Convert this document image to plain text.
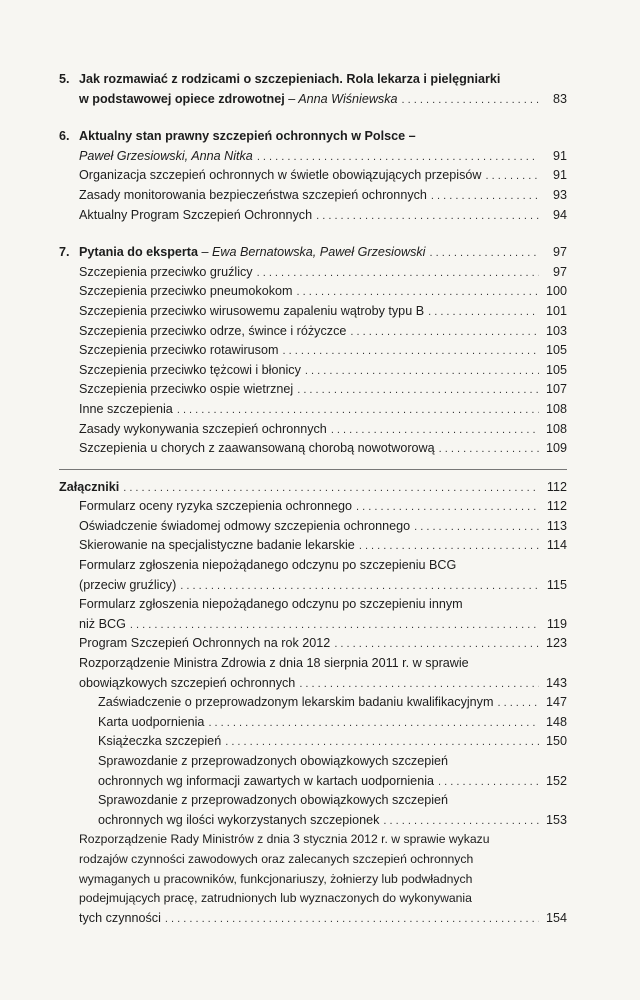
5. Jak rozmawiać z rodzicami o szczepieniach. Rola lekarza i pielęgniarki
w podstawowej opiece zdrowotnej – Anna Wiśniewska . . .	83
6. Aktualny stan prawny szczepień ochronnych w Polsce –
Paweł Grzesiowski, Anna Nitka . . .	91
Organizacja szczepień ochronnych w świetle obowiązujących przepisów . . .	91
Zasady monitorowania bezpieczeństwa szczepień ochronnych . . .	93
Aktualny Program Szczepień Ochronnych . . .	94
7. Pytania do eksperta – Ewa Bernatowska, Paweł Grzesiowski . . .	97
Szczepienia przeciwko gruźlicy . . .	97
Szczepienia przeciwko pneumokokom . . .	100
Szczepienia przeciwko wirusowemu zapaleniu wątroby typu B . . .	101
Szczepienia przeciwko odrze, śwince i różyczce . . .	103
Szczepienia przeciwko rotawirusom . . .	105
Szczepienia przeciwko tężcowi i błonicy . . .	105
Szczepienia przeciwko ospie wietrznej . . .	107
Inne szczepienia . . .	108
Zasady wykonywania szczepień ochronnych . . .	108
Szczepienia u chorych z zaawansowaną chorobą nowotworową . . .	109
Załączniki . . .	112
Formularz oceny ryzyka szczepienia ochronnego . . .	112
Oświadczenie świadomej odmowy szczepienia ochronnego . . .	113
Skierowanie na specjalistyczne badanie lekarskie . . .	114
Formularz zgłoszenia niepożądanego odczynu po szczepieniu BCG
(przeciw gruźlicy) . . .	115
Formularz zgłoszenia niepożądanego odczynu po szczepieniu innym
niż BCG . . .	119
Program Szczepień Ochronnych na rok 2012 . . .	123
Rozporządzenie Ministra Zdrowia z dnia 18 sierpnia 2011 r. w sprawie
obowiązkowych szczepień ochronnych . . .	143
Zaświadczenie o przeprowadzonym lekarskim badaniu kwalifikacyjnym . . .	147
Karta uodpornienia . . .	148
Książeczka szczepień . . .	150
Sprawozdanie z przeprowadzonych obowiązkowych szczepień
ochronnych wg informacji zawartych w kartach uodpornienia . . .	152
Sprawozdanie z przeprowadzonych obowiązkowych szczepień
ochronnych wg ilości wykorzystanych szczepionek . . .	153
Rozporządzenie Rady Ministrów z dnia 3 stycznia 2012 r. w sprawie wykazu
rodzajów czynności zawodowych oraz zalecanych szczepień ochronnych
wymaganych u pracowników, funkcjonariuszy, żołnierzy lub podwładnych
podejmujących pracę, zatrudnionych lub wyznaczonych do wykonywania
tych czynności . . .	154
